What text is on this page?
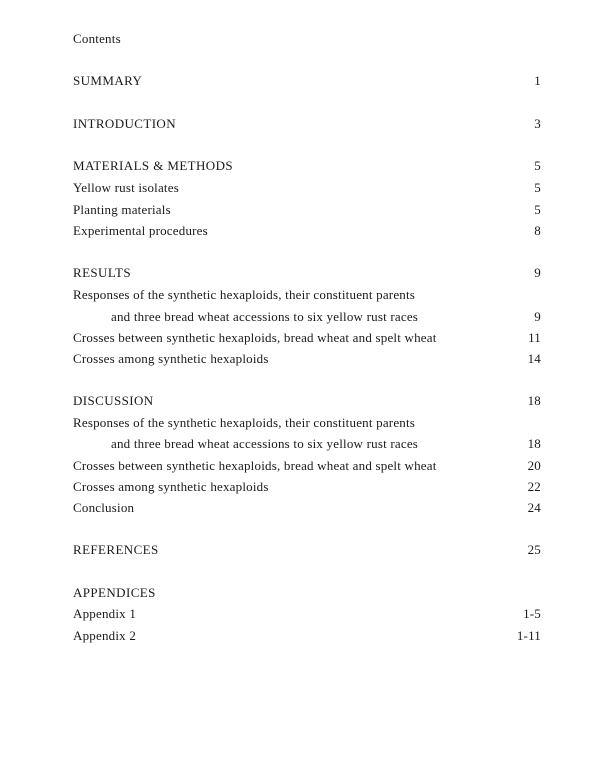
Contents
SUMMARY	1
INTRODUCTION	3
MATERIALS & METHODS	5
Yellow rust isolates	5
Planting materials	5
Experimental procedures	8
RESULTS	9
Responses of the synthetic hexaploids, their constituent parents
and three bread wheat accessions to six yellow rust races	9
Crosses between synthetic hexaploids, bread wheat and spelt wheat	11
Crosses among synthetic hexaploids	14
DISCUSSION	18
Responses of the synthetic hexaploids, their constituent parents
and three bread wheat accessions to six yellow rust races	18
Crosses between synthetic hexaploids, bread wheat and spelt wheat	20
Crosses among synthetic hexaploids	22
Conclusion	24
REFERENCES	25
APPENDICES
Appendix 1	1-5
Appendix 2	1-11
